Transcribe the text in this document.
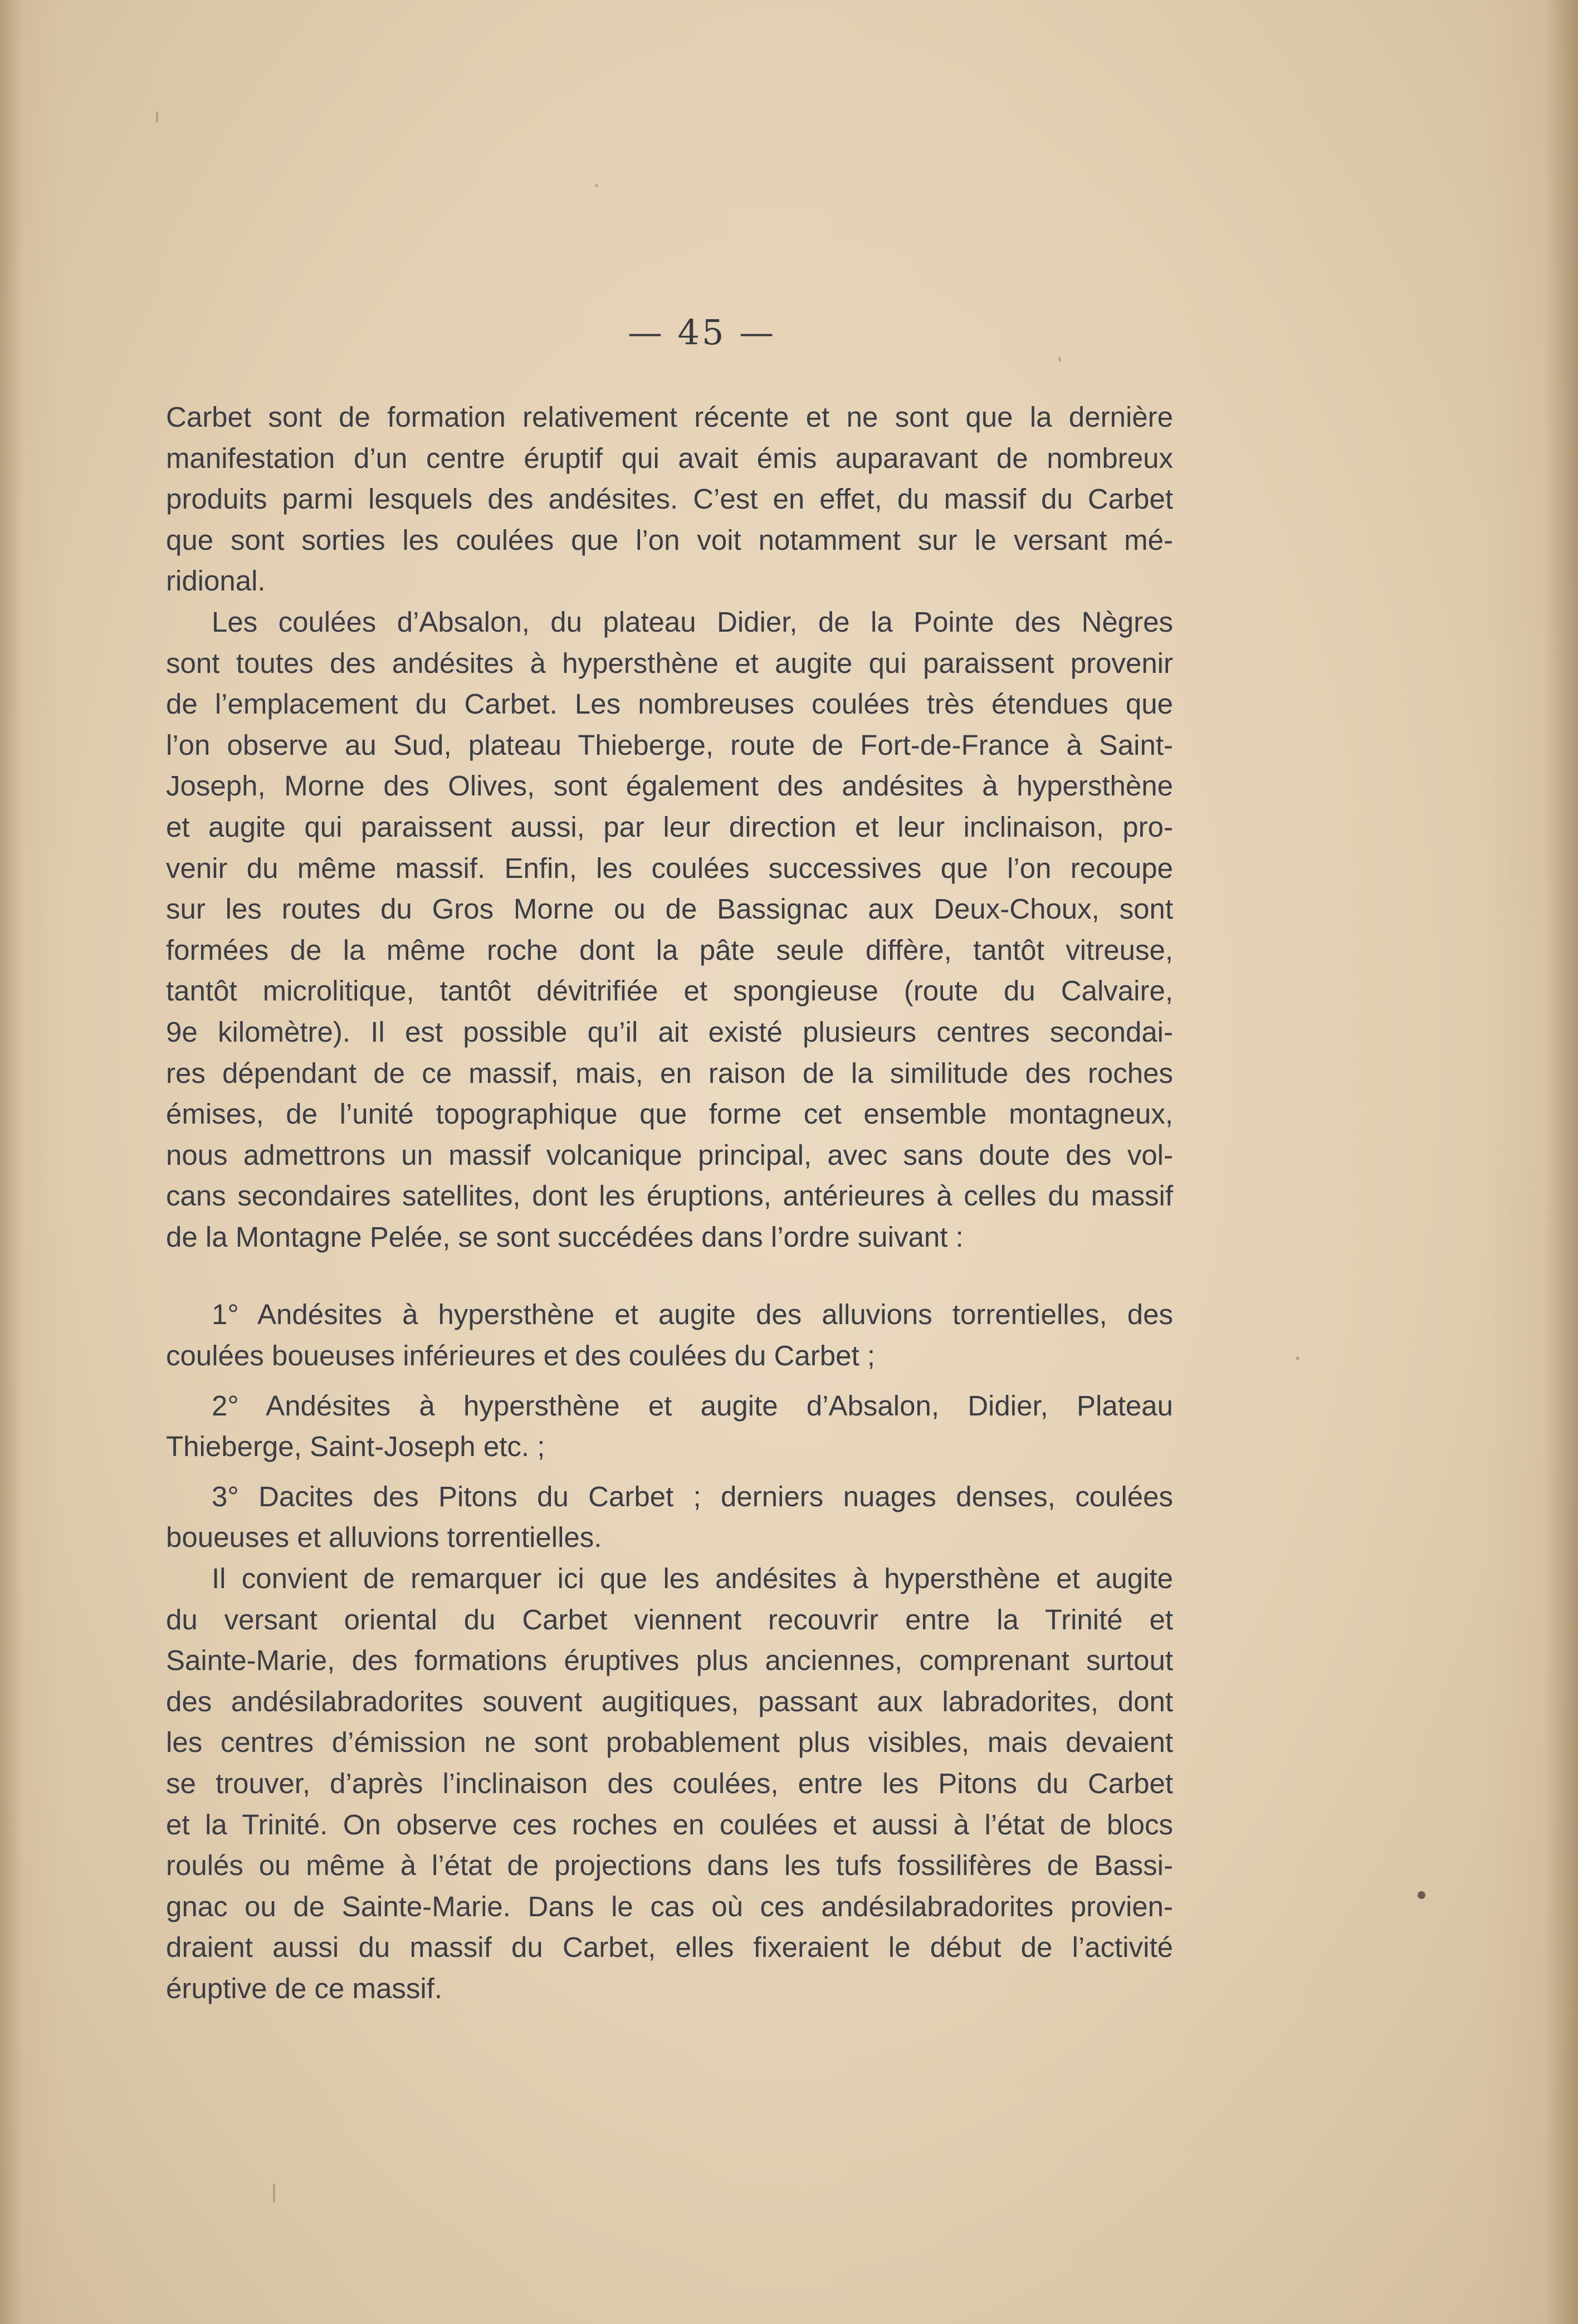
— 45 —
Carbet sont de formation relativement récente et ne sont que la dernière
manifestation d’un centre éruptif qui avait émis auparavant de nombreux
produits parmi lesquels des andésites. C’est en effet, du massif du Carbet
que sont sorties les coulées que l’on voit notamment sur le versant mé-
ridional.
Les coulées d’Absalon, du plateau Didier, de la Pointe des Nègres
sont toutes des andésites à hypersthène et augite qui paraissent provenir
de l’emplacement du Carbet. Les nombreuses coulées très étendues que
l’on observe au Sud, plateau Thieberge, route de Fort-de-France à Saint-
Joseph, Morne des Olives, sont également des andésites à hypersthène
et augite qui paraissent aussi, par leur direction et leur inclinaison, pro-
venir du même massif. Enfin, les coulées successives que l’on recoupe
sur les routes du Gros Morne ou de Bassignac aux Deux-Choux, sont
formées de la même roche dont la pâte seule diffère, tantôt vitreuse,
tantôt microlitique, tantôt dévitrifiée et spongieuse (route du Calvaire,
9e kilomètre). Il est possible qu’il ait existé plusieurs centres secondai-
res dépendant de ce massif, mais, en raison de la similitude des roches
émises, de l’unité topographique que forme cet ensemble montagneux,
nous admettrons un massif volcanique principal, avec sans doute des vol-
cans secondaires satellites, dont les éruptions, antérieures à celles du massif
de la Montagne Pelée, se sont succédées dans l’ordre suivant :
1° Andésites à hypersthène et augite des alluvions torrentielles, des
coulées boueuses inférieures et des coulées du Carbet ;
2° Andésites à hypersthène et augite d’Absalon, Didier, Plateau
Thieberge, Saint-Joseph etc. ;
3° Dacites des Pitons du Carbet ; derniers nuages denses, coulées
boueuses et alluvions torrentielles.
Il convient de remarquer ici que les andésites à hypersthène et augite
du versant oriental du Carbet viennent recouvrir entre la Trinité et
Sainte-Marie, des formations éruptives plus anciennes, comprenant surtout
des andésilabradorites souvent augitiques, passant aux labradorites, dont
les centres d’émission ne sont probablement plus visibles, mais devaient
se trouver, d’après l’inclinaison des coulées, entre les Pitons du Carbet
et la Trinité. On observe ces roches en coulées et aussi à l’état de blocs
roulés ou même à l’état de projections dans les tufs fossilifères de Bassi-
gnac ou de Sainte-Marie. Dans le cas où ces andésilabradorites provien-
draient aussi du massif du Carbet, elles fixeraient le début de l’activité
éruptive de ce massif.
